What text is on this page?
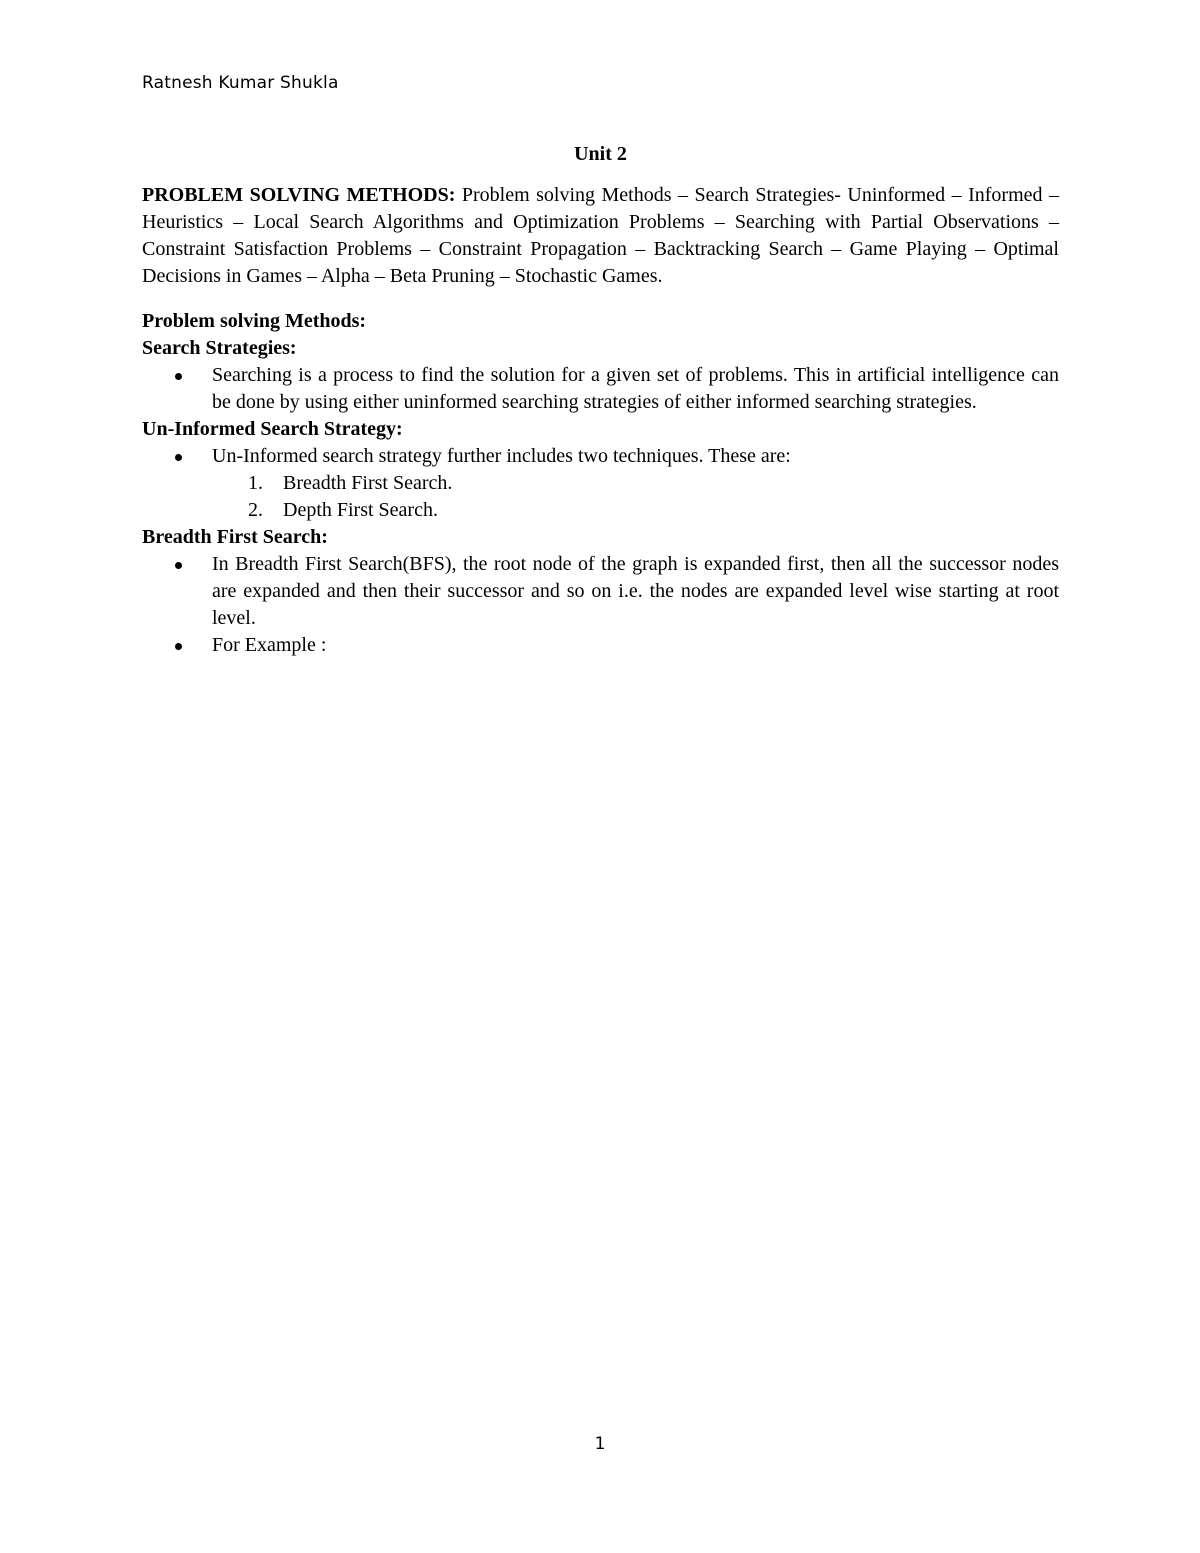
Ratnesh Kumar Shukla
Unit 2

PROBLEM SOLVING METHODS: Problem solving Methods – Search Strategies- Uninformed – Informed – Heuristics – Local Search Algorithms and Optimization Problems – Searching with Partial Observations – Constraint Satisfaction Problems – Constraint Propagation – Backtracking Search – Game Playing – Optimal Decisions in Games – Alpha – Beta Pruning – Stochastic Games.

Problem solving Methods:
Search Strategies:
Searching is a process to find the solution for a given set of problems. This in artificial intelligence can be done by using either uninformed searching strategies of either informed searching strategies.
Un-Informed Search Strategy:
Un-Informed search strategy further includes two techniques. These are:
1. Breadth First Search.
2. Depth First Search.
Breadth First Search:
In Breadth First Search(BFS), the root node of the graph is expanded first, then all the successor nodes are expanded and then their successor and so on i.e. the nodes are expanded level wise starting at root level.
For Example :
1
